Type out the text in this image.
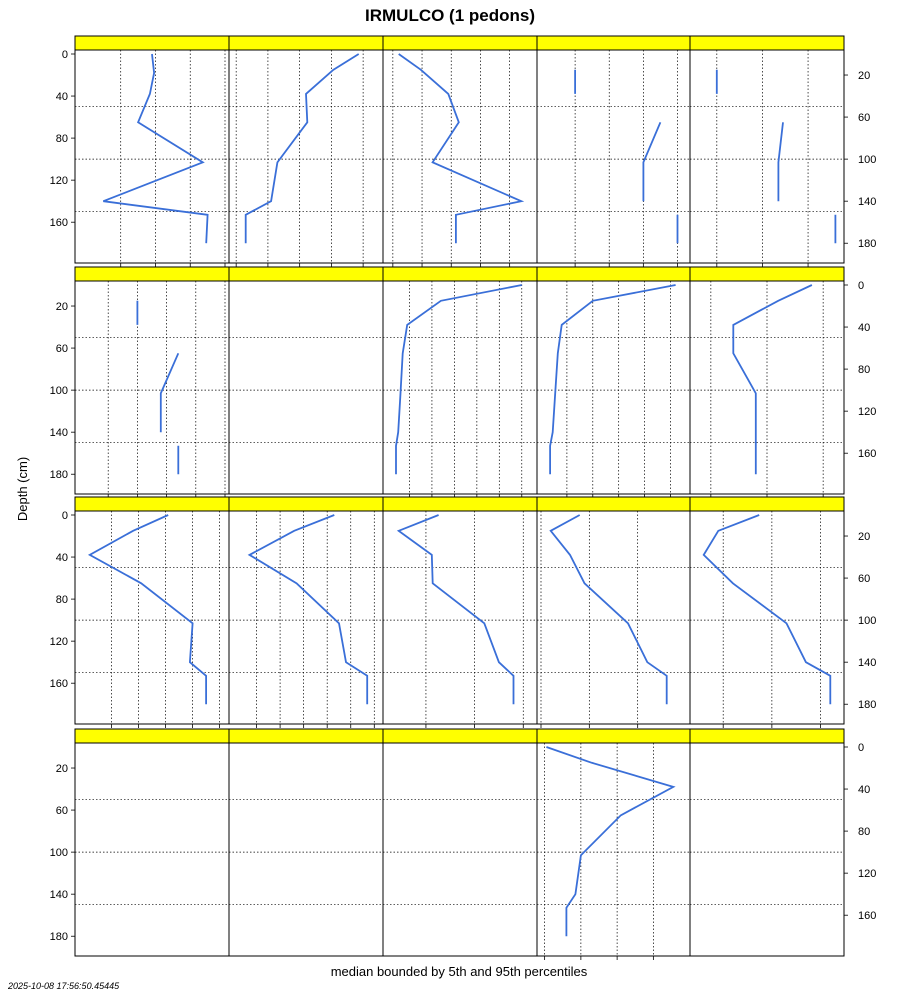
IRMULCO (1 pedons)
Depth (cm)
median bounded by 5th and 95th percentiles
2025-10-08 17:56:50.45445
0
20
40
60
80
100
120
140
160
180
0
20
40
60
80
100
120
140
160
180
0
20
40
60
80
100
120
140
160
180
0
20
40
60
80
100
120
140
160
180
